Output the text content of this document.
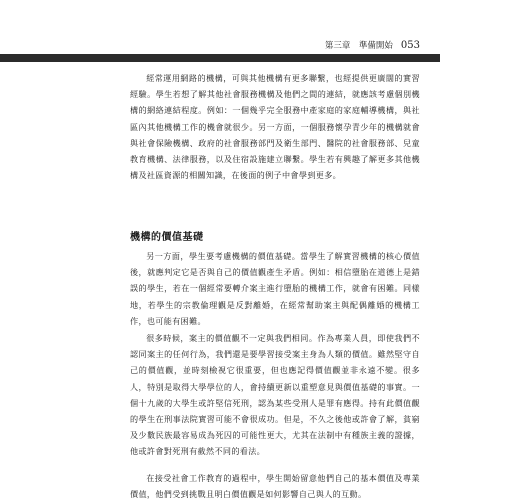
第三章　準備開始 053

經常運用網路的機構，可與其他機構有更多聯繫，也經提供更廣闊的實習經驗。學生若想了解其他社會服務機構及他們之間的連結，就應該考慮個別機構的網絡連結程度。例如：一個幾乎完全服務中產家庭的家庭輔導機構，與社區內其他機構工作的機會就很少。另一方面，一個服務懷孕青少年的機構就會與社會保險機構、政府的社會服務部門及衛生部門、醫院的社會服務部、兒童教育機構、法律服務，以及住宿設施建立聯繫。學生若有興趣了解更多其他機構及社區資源的相關知識，在後面的例子中會學到更多。

機構的價值基礎

另一方面，學生要考慮機構的價值基礎。當學生了解實習機構的核心價值後，就應判定它是否與自己的價值觀產生矛盾。例如：相信墮胎在道德上是錯誤的學生，若在一個經常要轉介案主進行墮胎的機構工作，就會有困難。同樣地，若學生的宗教倫理觀是反對離婚，在經常幫助案主與配偶離婚的機構工作，也可能有困難。

很多時候，案主的價值觀不一定與我們相同。作為專業人員，即使我們不認同案主的任何行為，我們還是要學習接受案主身為人類的價值。雖然堅守自己的價值觀，並時刻檢視它很重要，但也應記得價值觀並非永遠不變。很多人，特別是取得大學學位的人，會持續更新以重塑意見與價值基礎的事實。一個十九歲的大學生或許堅信死刑，認為某些受刑人是罪有應得。持有此價值觀的學生在刑事法院實習可能不會很成功。但是，不久之後他或許會了解，貧窮及少數民族最容易成為死囚的可能性更大，尤其在法制中有種族主義的證據，他或許會對死刑有截然不同的看法。

在接受社會工作教育的過程中，學生開始留意他們自己的基本價值及專業價值，他們受到挑戰且明白價值觀是如何影響自己與人的互動。
